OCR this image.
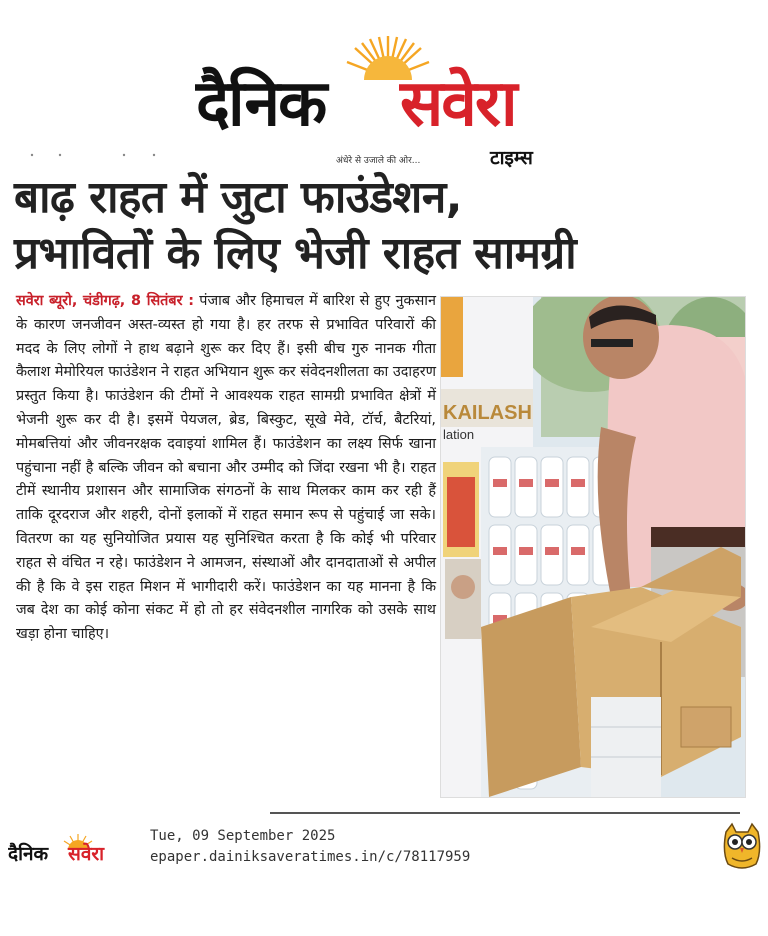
दैनिक सवेरा
अंधेरे से उजाले की ओर...	टाइम्स
बाढ़ राहत में जुटा फाउंडेशन,
प्रभावितों के लिए भेजी राहत सामग्री
सवेरा ब्यूरो, चंडीगढ़, 8 सितंबर : पंजाब और हिमाचल में बारिश से हुए नुकसान के कारण जनजीवन अस्त-व्यस्त हो गया है। हर तरफ से प्रभावित परिवारों की मदद के लिए लोगों ने हाथ बढ़ाने शुरू कर दिए हैं। इसी बीच गुरु नानक गीता कैलाश मेमोरियल फाउंडेशन ने राहत अभियान शुरू कर संवेदनशीलता का उदाहरण प्रस्तुत किया है। फाउंडेशन की टीमों ने आवश्यक राहत सामग्री प्रभावित क्षेत्रों में भेजनी शुरू कर दी है। इसमें पेयजल, ब्रेड, बिस्कुट, सूखे मेवे, टॉर्च, बैटरियां, मोमबत्तियां और जीवनरक्षक दवाइयां शामिल हैं। फाउंडेशन का लक्ष्य सिर्फ खाना पहुंचाना नहीं है बल्कि जीवन को बचाना और उम्मीद को जिंदा रखना भी है। राहत टीमें स्थानीय प्रशासन और सामाजिक संगठनों के साथ मिलकर काम कर रही हैं ताकि दूरदराज और शहरी, दोनों इलाकों में राहत समान रूप से पहुंचाई जा सके। वितरण का यह सुनियोजित प्रयास यह सुनिश्चित करता है कि कोई भी परिवार राहत से वंचित न रहे। फाउंडेशन ने आमजन, संस्थाओं और दानदाताओं से अपील की है कि वे इस राहत मिशन में भागीदारी करें। फाउंडेशन का यह मानना है कि जब देश का कोई कोना संकट में हो तो हर संवेदनशील नागरिक को उसके साथ खड़ा होना चाहिए।
KAILASH
lation
दैनिक सवेरा
Tue, 09 September 2025
epaper.dainiksaveratimes.in/c/78117959
